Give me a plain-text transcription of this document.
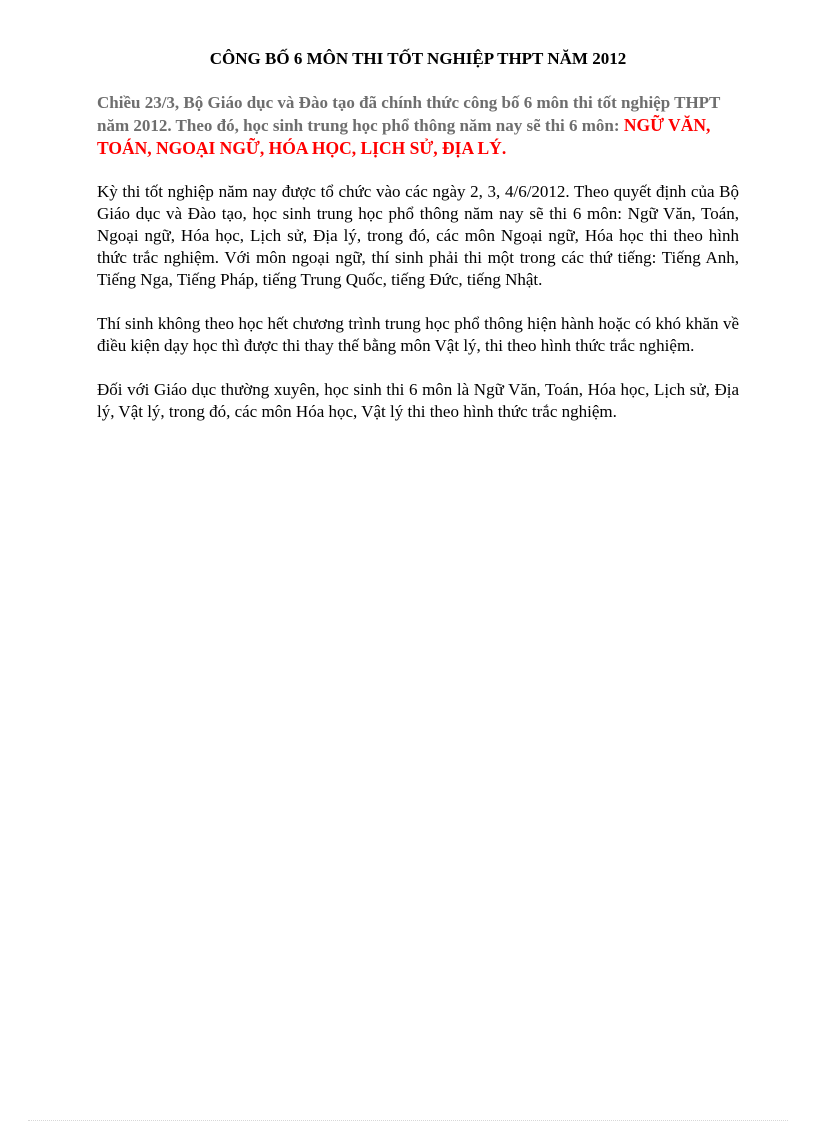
CÔNG BỐ 6 MÔN THI TỐT NGHIỆP THPT NĂM 2012

Chiều 23/3, Bộ Giáo dục và Đào tạo đã chính thức công bố 6 môn thi tốt nghiệp THPT năm 2012. Theo đó, học sinh trung học phổ thông năm nay sẽ thi 6 môn: NGỮ VĂN, TOÁN, NGOẠI NGỮ, HÓA HỌC, LỊCH SỬ, ĐỊA LÝ.

Kỳ thi tốt nghiệp năm nay được tổ chức vào các ngày 2, 3, 4/6/2012. Theo quyết định của Bộ Giáo dục và Đào tạo, học sinh trung học phổ thông năm nay sẽ thi 6 môn: Ngữ Văn, Toán, Ngoại ngữ, Hóa học, Lịch sử, Địa lý, trong đó, các môn Ngoại ngữ, Hóa học thi theo hình thức trắc nghiệm. Với môn ngoại ngữ, thí sinh phải thi một trong các thứ tiếng: Tiếng Anh, Tiếng Nga, Tiếng Pháp, tiếng Trung Quốc, tiếng Đức, tiếng Nhật.

Thí sinh không theo học hết chương trình trung học phổ thông hiện hành hoặc có khó khăn về điều kiện dạy học thì được thi thay thế bằng môn Vật lý, thi theo hình thức trắc nghiệm.

Đối với Giáo dục thường xuyên, học sinh thi 6 môn là Ngữ Văn, Toán, Hóa học, Lịch sử, Địa lý, Vật lý, trong đó, các môn Hóa học, Vật lý thi theo hình thức trắc nghiệm.
